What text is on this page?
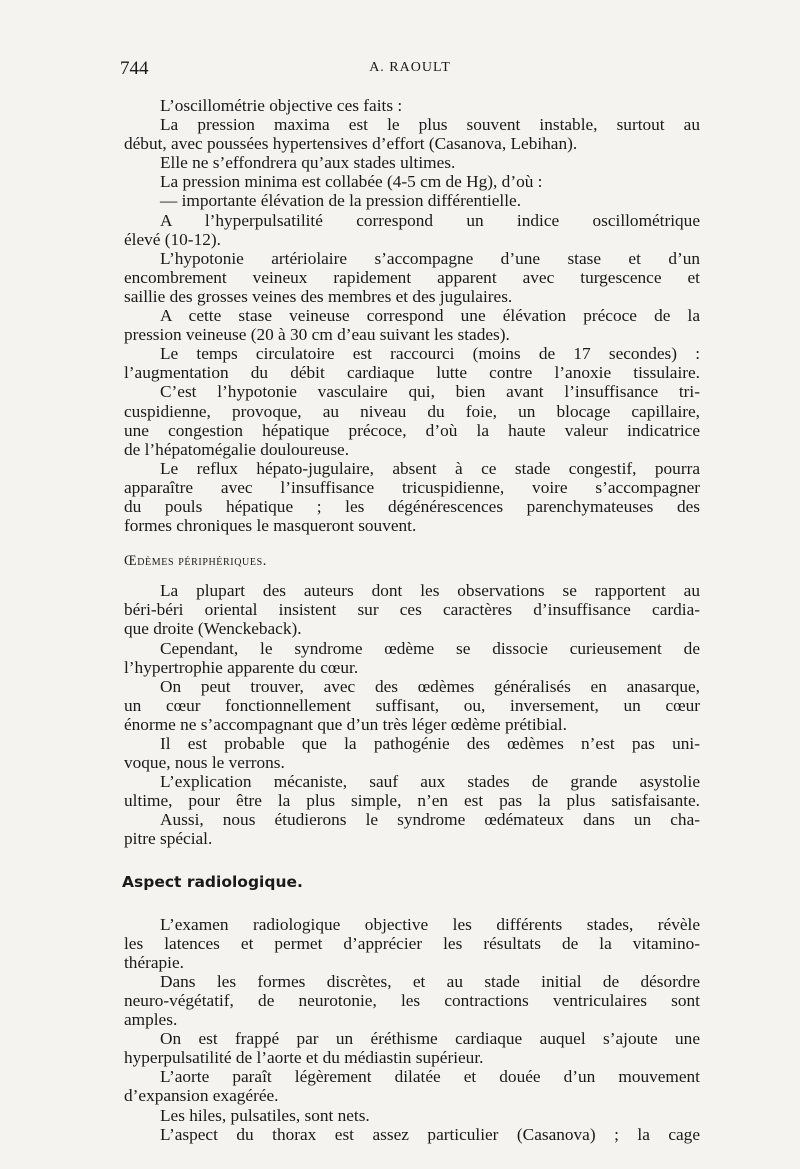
744	A. RAOULT
L’oscillométrie objective ces faits :
La pression maxima est le plus souvent instable, surtout au
début, avec poussées hypertensives d’effort (Casanova, Lebihan).
Elle ne s’effondrera qu’aux stades ultimes.
La pression minima est collabée (4-5 cm de Hg), d’où :
— importante élévation de la pression différentielle.
A l’hyperpulsatilité correspond un indice oscillométrique
élevé (10-12).
L’hypotonie artériolaire s’accompagne d’une stase et d’un
encombrement veineux rapidement apparent avec turgescence et
saillie des grosses veines des membres et des jugulaires.
A cette stase veineuse correspond une élévation précoce de la
pression veineuse (20 à 30 cm d’eau suivant les stades).
Le temps circulatoire est raccourci (moins de 17 secondes) :
l’augmentation du débit cardiaque lutte contre l’anoxie tissulaire.
C’est l’hypotonie vasculaire qui, bien avant l’insuffisance tri-
cuspidienne, provoque, au niveau du foie, un blocage capillaire,
une congestion hépatique précoce, d’où la haute valeur indicatrice
de l’hépatomégalie douloureuse.
Le reflux hépato-jugulaire, absent à ce stade congestif, pourra
apparaître avec l’insuffisance tricuspidienne, voire s’accompagner
du pouls hépatique ; les dégénérescences parenchymateuses des
formes chroniques le masqueront souvent.
Œdèmes périphériques.
La plupart des auteurs dont les observations se rapportent au
béri-béri oriental insistent sur ces caractères d’insuffisance cardia-
que droite (Wenckeback).
Cependant, le syndrome œdème se dissocie curieusement de
l’hypertrophie apparente du cœur.
On peut trouver, avec des œdèmes généralisés en anasarque,
un cœur fonctionnellement suffisant, ou, inversement, un cœur
énorme ne s’accompagnant que d’un très léger œdème prétibial.
Il est probable que la pathogénie des œdèmes n’est pas uni-
voque, nous le verrons.
L’explication mécaniste, sauf aux stades de grande asystolie
ultime, pour être la plus simple, n’en est pas la plus satisfaisante.
Aussi, nous étudierons le syndrome œdémateux dans un cha-
pitre spécial.
Aspect radiologique.
L’examen radiologique objective les différents stades, révèle
les latences et permet d’apprécier les résultats de la vitamino-
thérapie.
Dans les formes discrètes, et au stade initial de désordre
neuro-végétatif, de neurotonie, les contractions ventriculaires sont
amples.
On est frappé par un éréthisme cardiaque auquel s’ajoute une
hyperpulsatilité de l’aorte et du médiastin supérieur.
L’aorte paraît légèrement dilatée et douée d’un mouvement
d’expansion exagérée.
Les hiles, pulsatiles, sont nets.
L’aspect du thorax est assez particulier (Casanova) ; la cage
